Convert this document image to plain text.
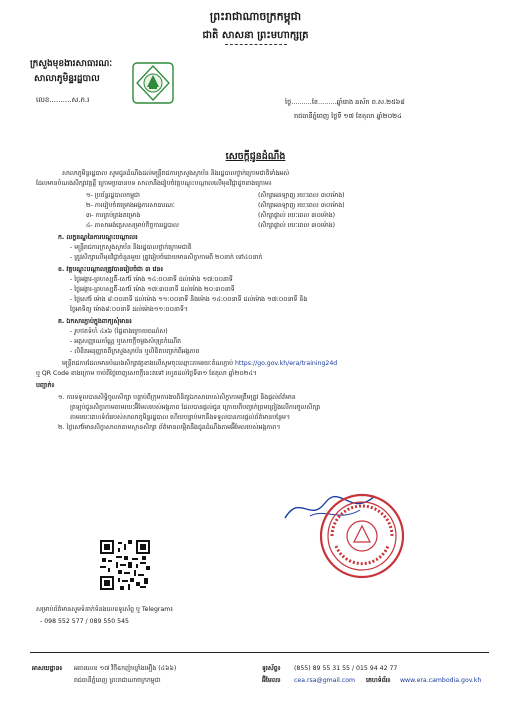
ព្រះរាជាណាចក្រកម្ពុជា
ជាតិ សាសនា ព្រះមហាក្សត្រ
ក្រសួងមុខងារសាធារណៈ
សាលាភូមិន្ទរដ្ឋបាល
លេខ..........ស.ភ.រ	ថ្ងៃ..........ខែ.........ឆ្នាំរោង ឆស័ក ព.ស.២៥៦៨
រាជធានីភ្នំពេញ ថ្ងៃទី ១៧ ខែតុលា ឆ្នាំ២០២៤
សេចក្តីជូនដំណឹង
សាលាភូមិន្ទរដ្ឋបាល សូមជូនដំណឹងដល់មន្ត្រីរាជការក្រសួងស្ថាប័ន និងរដ្ឋបាលថ្នាក់ក្រោមជាតិទាំងអស់
ដែលមានបំណងសិក្សាវគ្គខ្លី ក្រោមប្រធានបទ សាលានឹងរៀបចំវគ្គបណ្តុះបណ្តាលលើមុខវិជ្ជាដូចខាងក្រោម៖
១- ប្រព័ន្ធរដ្ឋបាលកម្ពុជា	(សិក្សាអនឡាញ រយៈពេល ៣០ម៉ោង)
២- ការរៀបចំគម្រោងអង្គការសាធារណៈ	(សិក្សាអនឡាញ រយៈពេល ៣០ម៉ោង)
៣- ការគ្រប់គ្រងគម្រោង	(សិក្សាផ្ទាល់ រយៈពេល ៣០ម៉ោង)
៤- ភាសាអង់គ្លេសសម្រាប់កិច្ចការរដ្ឋបាល	(សិក្សាផ្ទាល់ រយៈពេល ៣០ម៉ោង)
ក. លក្ខខណ្ឌនៃការបណ្តុះបណ្តាល៖
- មន្ត្រីរាជការក្រសួងស្ថាប័ន និងរដ្ឋបាលថ្នាក់ក្រោមជាតិ
- ត្រូវសិក្សាលើមុខវិជ្ជាចំនួនមួយ ត្រូវរៀបចំដោយមានសិក្ខាកាមពី ២០នាក់ ទៅ៤០នាក់
ខ. វគ្គបណ្តុះបណ្តាលត្រូវបានរៀបចំជា ៣ វេន៖
- ថ្ងៃអង្គារ-ព្រហស្បតិ៍-សៅរ៍ ម៉ោង ១៤:០០នាទី ដល់ម៉ោង ១៧:០០នាទី
- ថ្ងៃអង្គារ-ព្រហស្បតិ៍-សៅរ៍ ម៉ោង ១៧:៣០នាទី ដល់ម៉ោង ២០:៣០នាទី
- ថ្ងៃសៅរ៍ ម៉ោង ៨:០០នាទី ដល់ម៉ោង ១១:០០នាទី និងម៉ោង ១៤:០០នាទី ដល់ម៉ោង ១៧:០០នាទី និង
ថ្ងៃអាទិត្យ ម៉ោង៨:០០នាទី ដល់ម៉ោង១១:០០នាទី។
គ. ឯកសារភ្ជាប់ក្នុងពាក្យសុំមាន៖
- រូបថតទំហំ ៤x៦ (ផ្ទៃខាងក្រោយពណ៌ស)
- អត្តសញ្ញាណប័ណ្ណ ឬសេចក្តីចម្លងសំបុត្រកំណើត
- លិខិតអនុញ្ញាតពីក្រសួងស្ថាប័ន ឬលិខិតបញ្ជាក់ពីអង្គភាព
មន្ត្រីរាជការដែលមានបំណងសិក្សាវគ្គខាងលើសូមចុះឈ្មោះតាមរយៈតំណភ្ជាប់ https://go.gov.kh/era/training24d
ឬ QR Code ខាងក្រោម ចាប់ពីថ្ងៃចេញសេចក្តីនេះតទៅ រហូតដល់ថ្ងៃទី៣១ ខែតុលា ឆ្នាំ២០២៤។
បញ្ជាក់៖
១. ការទទួលបានសិទ្ធិចូលសិក្សា បន្ទាប់ពីក្រុមការងារពិនិត្យឯកសាររបស់សិក្ខាកាមត្រឹមត្រូវ និងផ្តល់ព័ត៌មាន
ត្រឡប់ជូនសិក្ខាកាមតាមរយៈអ៊ីមែលរបស់អង្គភាព ដែលបានផ្តល់ជូន ក្រោយពីបញ្ជាក់ព្រមព្រៀងលើការចូលសិក្សា
តាមរយៈគេហទំព័ររបស់សាលាភូមិន្ទរដ្ឋបាល ហើយបន្ទាប់មកនឹងទទួលបានការផ្តល់ព័ត៌មានបន្ថែម។
២. ថ្ងៃសៅរ៍មានសិក្ខាសាលាតាមស្ថានសិក្សា ព័ត៌មានលម្អិតនឹងជូនដំណឹងតាមអ៊ីមែលរបស់អង្គភាព។
សម្រាប់ព័ត៌មានសូមទំនាក់ទំនងលេខទូរស័ព្ទ ឬ Telegram៖
- 098 552 577 / 089 550 545
អាសយដ្ឋាន៖ អគារលេខ ១៧ វិថីឧកញ៉ាឃ្លាំងមឿង (៤៦៦)
រាជធានីភ្នំពេញ ព្រះរាជាណាចក្រកម្ពុជា
ទូរស័ព្ទ៖ (855) 89 55 31 55 / 015 94 42 77
អ៊ីមែល៖ cea.rsa@gmail.com គេហទំព័រ៖ www.era.cambodia.gov.kh
